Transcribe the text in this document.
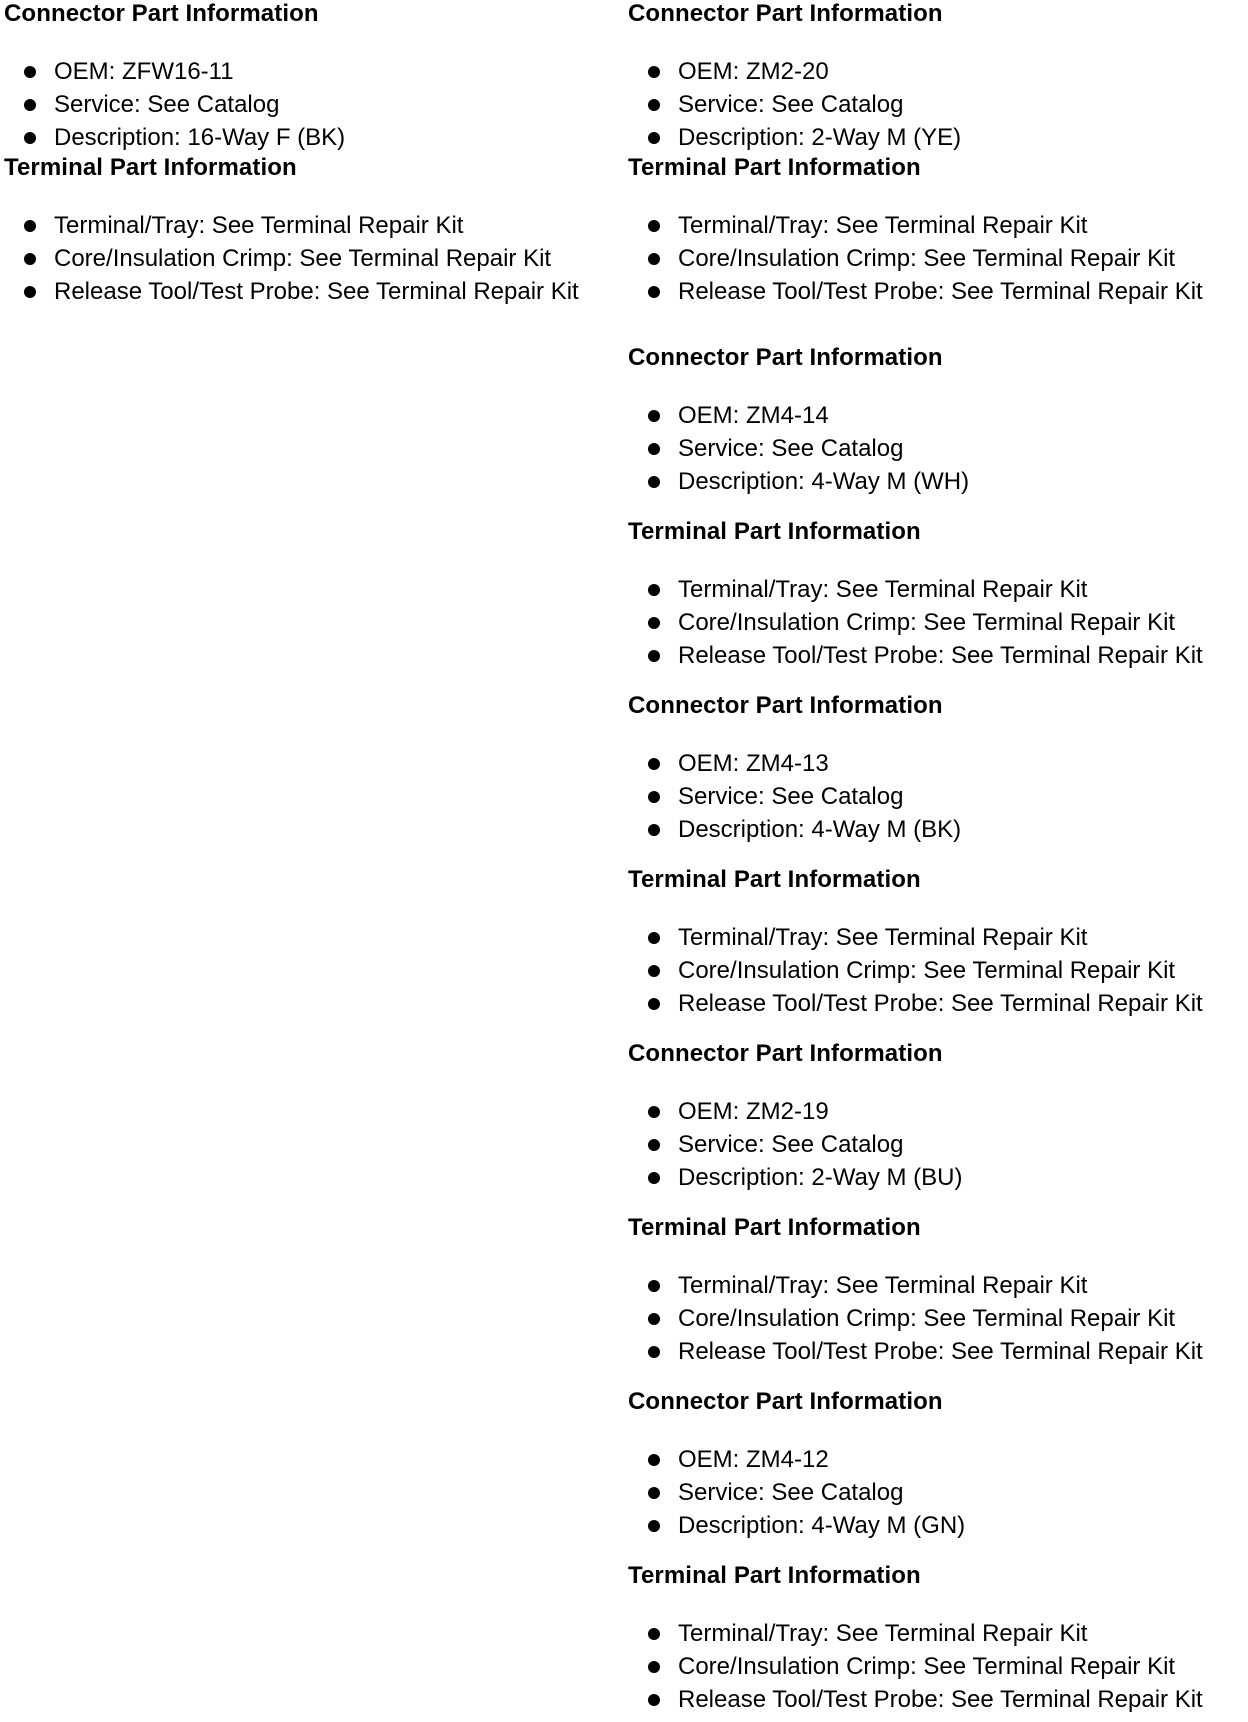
Connector Part Information
OEM: ZFW16-11
Service: See Catalog
Description: 16-Way F (BK)
Terminal Part Information
Terminal/Tray: See Terminal Repair Kit
Core/Insulation Crimp: See Terminal Repair Kit
Release Tool/Test Probe: See Terminal Repair Kit
Connector Part Information
OEM: ZM2-20
Service: See Catalog
Description: 2-Way M (YE)
Terminal Part Information
Terminal/Tray: See Terminal Repair Kit
Core/Insulation Crimp: See Terminal Repair Kit
Release Tool/Test Probe: See Terminal Repair Kit
Connector Part Information
OEM: ZM4-14
Service: See Catalog
Description: 4-Way M (WH)
Terminal Part Information
Terminal/Tray: See Terminal Repair Kit
Core/Insulation Crimp: See Terminal Repair Kit
Release Tool/Test Probe: See Terminal Repair Kit
Connector Part Information
OEM: ZM4-13
Service: See Catalog
Description: 4-Way M (BK)
Terminal Part Information
Terminal/Tray: See Terminal Repair Kit
Core/Insulation Crimp: See Terminal Repair Kit
Release Tool/Test Probe: See Terminal Repair Kit
Connector Part Information
OEM: ZM2-19
Service: See Catalog
Description: 2-Way M (BU)
Terminal Part Information
Terminal/Tray: See Terminal Repair Kit
Core/Insulation Crimp: See Terminal Repair Kit
Release Tool/Test Probe: See Terminal Repair Kit
Connector Part Information
OEM: ZM4-12
Service: See Catalog
Description: 4-Way M (GN)
Terminal Part Information
Terminal/Tray: See Terminal Repair Kit
Core/Insulation Crimp: See Terminal Repair Kit
Release Tool/Test Probe: See Terminal Repair Kit
